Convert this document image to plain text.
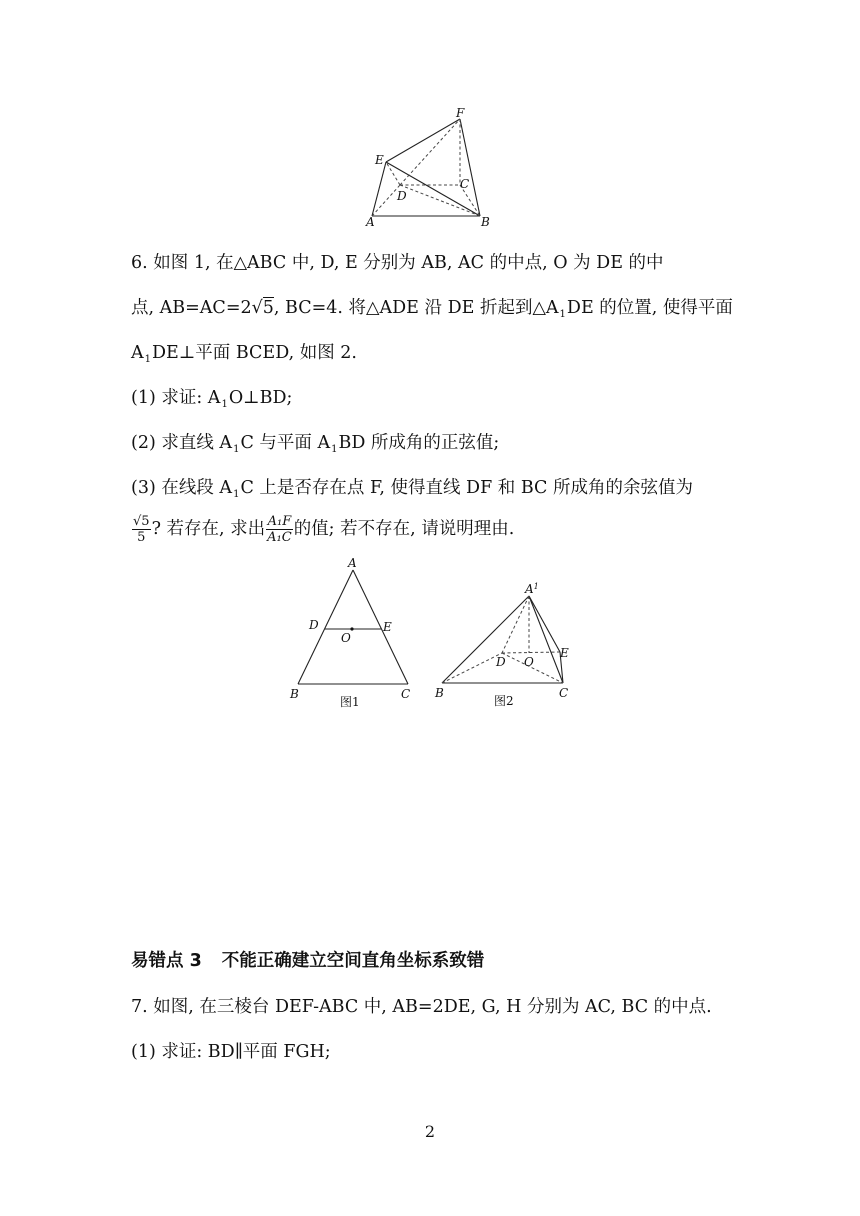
E
F
D
C
A	B
6. 如图 1, 在△ABC 中, D, E 分别为 AB, AC 的中点, O 为 DE 的中
点, AB=AC=2√5, BC=4. 将△ADE 沿 DE 折起到$\triangle A_1DE$ 的位置, 使得平面
$A_1DE\perp$平面 BCED, 如图 2.
(1) 求证: $A_1O\perp BD$;
(2) 求直线 $A_1C$ 与平面 $A_1BD$ 所成角的正弦值;
(3) 在线段 $A_1C$ 上是否存在点 F, 使得直线 DF 和 BC 所成角的余弦值为
$\frac{√5}{5}$ ? 若存在, 求出 $\frac{\text{A₁F}}{\text{A₁C}}$ 的值; 若不存在, 请说明理由.
A
D
O
E
B	C
图1
$A^1$
D O
E
B	C
图2
易错点 3 不能正确建立空间直角坐标系致错
7. 如图, 在三棱台 DEF-ABC 中, AB=2DE, G, H 分别为 AC, BC 的中点.
(1) 求证: BD∥平面 FGH;
2
